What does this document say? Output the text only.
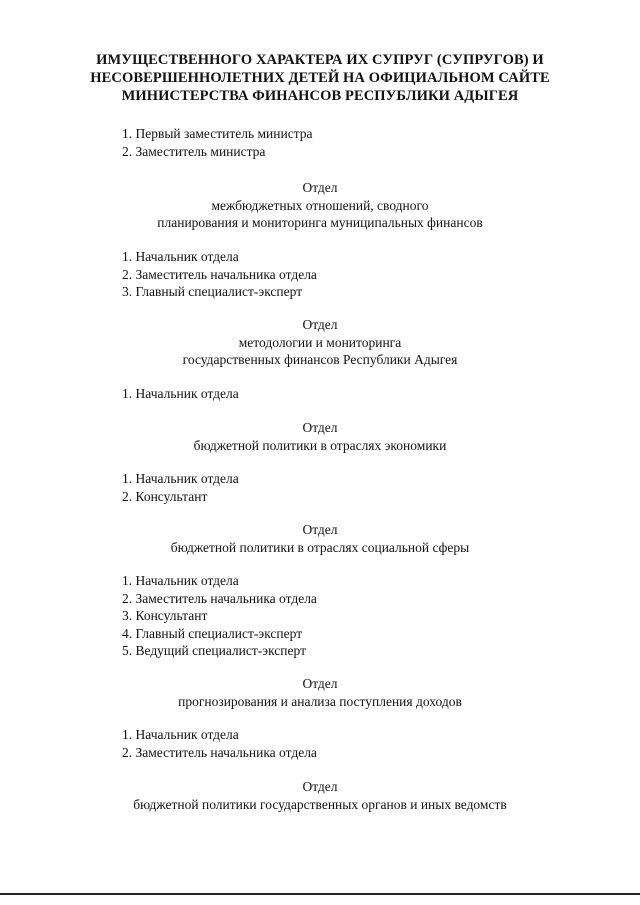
ИМУЩЕСТВЕННОГО ХАРАКТЕРА ИХ СУПРУГ (СУПРУГОВ) И
НЕСОВЕРШЕННОЛЕТНИХ ДЕТЕЙ НА ОФИЦИАЛЬНОМ САЙТЕ
МИНИСТЕРСТВА ФИНАНСОВ РЕСПУБЛИКИ АДЫГЕЯ
1. Первый заместитель министра
2. Заместитель министра
Отдел
межбюджетных отношений, сводного
планирования и мониторинга муниципальных финансов
1. Начальник отдела
2. Заместитель начальника отдела
3. Главный специалист-эксперт
Отдел
методологии и мониторинга
государственных финансов Республики Адыгея
1. Начальник отдела
Отдел
бюджетной политики в отраслях экономики
1. Начальник отдела
2. Консультант
Отдел
бюджетной политики в отраслях социальной сферы
1. Начальник отдела
2. Заместитель начальника отдела
3. Консультант
4. Главный специалист-эксперт
5. Ведущий специалист-эксперт
Отдел
прогнозирования и анализа поступления доходов
1. Начальник отдела
2. Заместитель начальника отдела
Отдел
бюджетной политики государственных органов и иных ведомств
